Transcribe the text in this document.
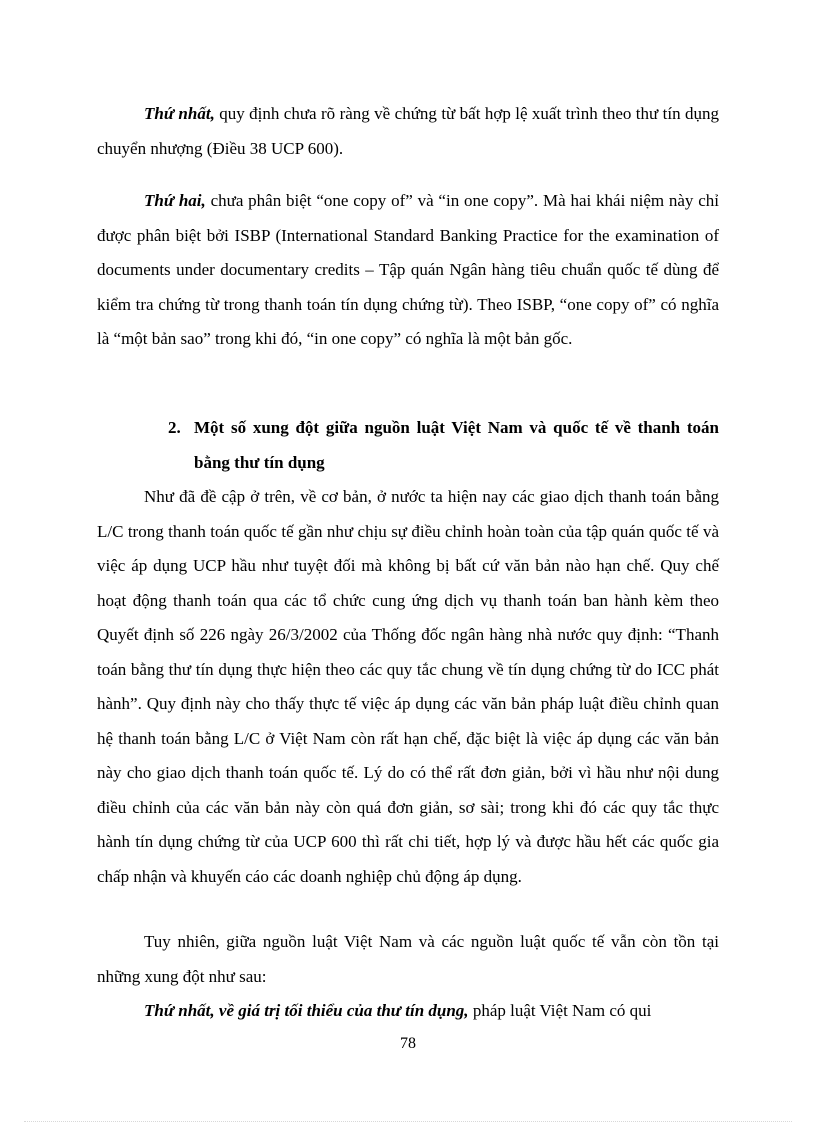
Thứ nhất, quy định chưa rõ ràng về chứng từ bất hợp lệ xuất trình theo thư tín dụng chuyển nhượng (Điều 38 UCP 600).

Thứ hai, chưa phân biệt “one copy of” và “in one copy”. Mà hai khái niệm này chỉ được phân biệt bởi ISBP (International Standard Banking Practice for the examination of documents under documentary credits – Tập quán Ngân hàng tiêu chuẩn quốc tế dùng để kiểm tra chứng từ trong thanh toán tín dụng chứng từ). Theo ISBP, “one copy of” có nghĩa là “một bản sao” trong khi đó, “in one copy” có nghĩa là một bản gốc.

2. Một số xung đột giữa nguồn luật Việt Nam và quốc tế về thanh toán bằng thư tín dụng

Như đã đề cập ở trên, về cơ bản, ở nước ta hiện nay các giao dịch thanh toán bằng L/C trong thanh toán quốc tế gần như chịu sự điều chỉnh hoàn toàn của tập quán quốc tế và việc áp dụng UCP hầu như tuyệt đối mà không bị bất cứ văn bản nào hạn chế. Quy chế hoạt động thanh toán qua các tổ chức cung ứng dịch vụ thanh toán ban hành kèm theo Quyết định số 226 ngày 26/3/2002 của Thống đốc ngân hàng nhà nước quy định: “Thanh toán bằng thư tín dụng thực hiện theo các quy tắc chung về tín dụng chứng từ do ICC phát hành”. Quy định này cho thấy thực tế việc áp dụng các văn bản pháp luật điều chỉnh quan hệ thanh toán bằng L/C ở Việt Nam còn rất hạn chế, đặc biệt là việc áp dụng các văn bản này cho giao dịch thanh toán quốc tế. Lý do có thể rất đơn giản, bởi vì hầu như nội dung điều chỉnh của các văn bản này còn quá đơn giản, sơ sài; trong khi đó các quy tắc thực hành tín dụng chứng từ của UCP 600 thì rất chi tiết, hợp lý và được hầu hết các quốc gia chấp nhận và khuyến cáo các doanh nghiệp chủ động áp dụng.

Tuy nhiên, giữa nguồn luật Việt Nam và các nguồn luật quốc tế vẫn còn tồn tại những xung đột như sau:

Thứ nhất, về giá trị tối thiểu của thư tín dụng, pháp luật Việt Nam có qui

78
